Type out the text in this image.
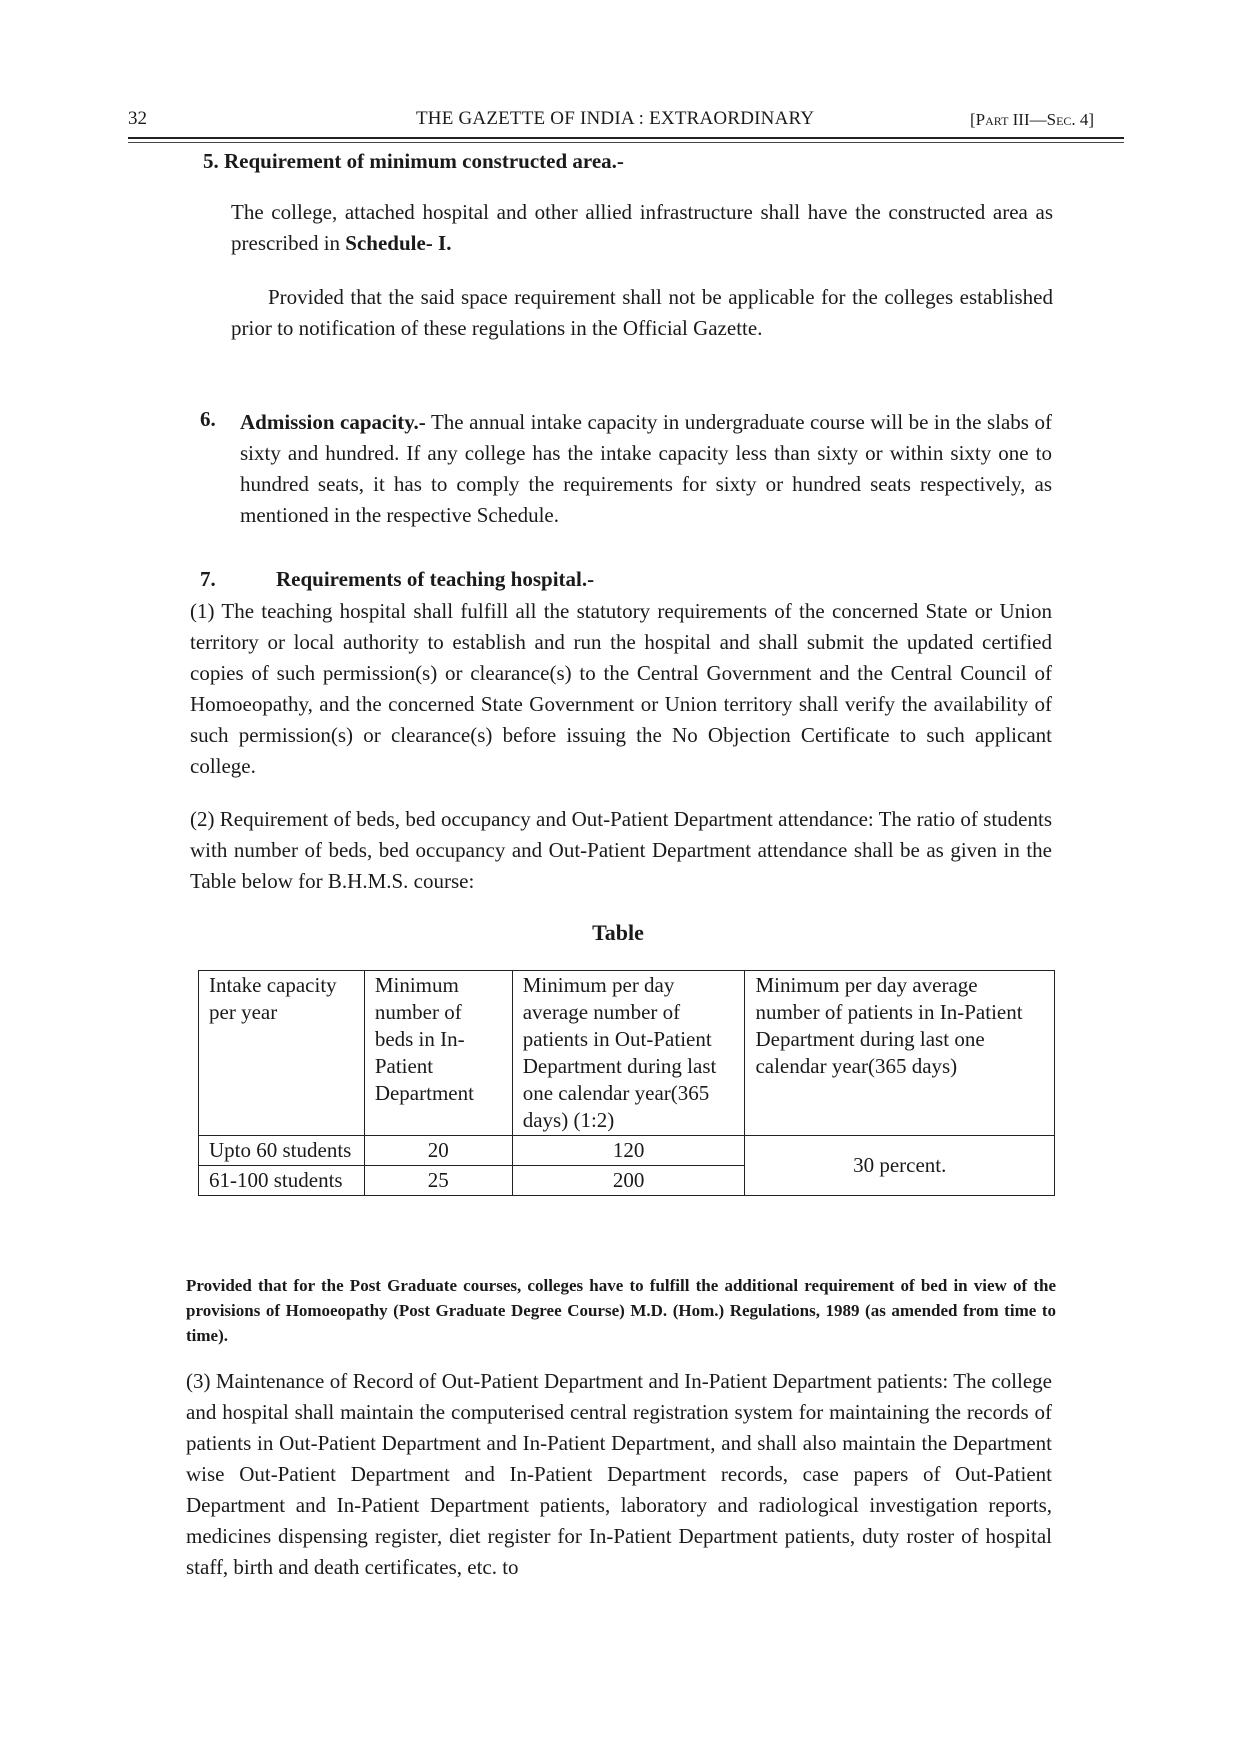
32	THE GAZETTE OF INDIA : EXTRAORDINARY	[Part III—Sec. 4]
5. Requirement of minimum constructed area.-

The college, attached hospital and other allied infrastructure shall have the constructed area as prescribed in Schedule- I.

Provided that the said space requirement shall not be applicable for the colleges established prior to notification of these regulations in the Official Gazette.
6. Admission capacity.- The annual intake capacity in undergraduate course will be in the slabs of sixty and hundred. If any college has the intake capacity less than sixty or within sixty one to hundred seats, it has to comply the requirements for sixty or hundred seats respectively, as mentioned in the respective Schedule.

7.	Requirements of teaching hospital.-
(1) The teaching hospital shall fulfill all the statutory requirements of the concerned State or Union territory or local authority to establish and run the hospital and shall submit the updated certified copies of such permission(s) or clearance(s) to the Central Government and the Central Council of Homoeopathy, and the concerned State Government or Union territory shall verify the availability of such permission(s) or clearance(s) before issuing the No Objection Certificate to such applicant college.
(2) Requirement of beds, bed occupancy and Out-Patient Department attendance: The ratio of students with number of beds, bed occupancy and Out-Patient Department attendance shall be as given in the Table below for B.H.M.S. course:
Table
Intake capacity per year	Minimum number of beds in In-Patient Department	Minimum per day average number of patients in Out-Patient Department during last one calendar year(365 days) (1:2)	Minimum per day average number of patients in In-Patient Department during last one calendar year(365 days)
Upto 60 students	20	120	30 percent.
61-100 students	25	200	
Provided that for the Post Graduate courses, colleges have to fulfill the additional requirement of bed in view of the provisions of Homoeopathy (Post Graduate Degree Course) M.D. (Hom.) Regulations, 1989 (as amended from time to time).
(3) Maintenance of Record of Out-Patient Department and In-Patient Department patients: The college and hospital shall maintain the computerised central registration system for maintaining the records of patients in Out-Patient Department and In-Patient Department, and shall also maintain the Department wise Out-Patient Department and In-Patient Department records, case papers of Out-Patient Department and In-Patient Department patients, laboratory and radiological investigation reports, medicines dispensing register, diet register for In-Patient Department patients, duty roster of hospital staff, birth and death certificates, etc. to
